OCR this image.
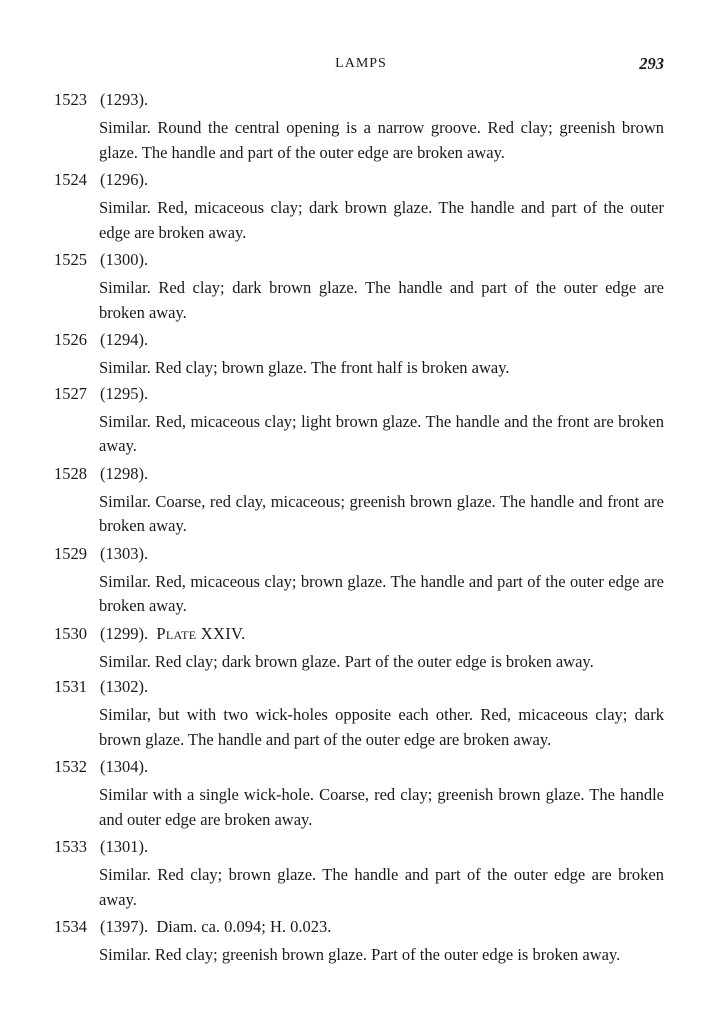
LAMPS	293
1523 (1293).
Similar. Round the central opening is a narrow groove. Red clay; greenish brown glaze. The handle and part of the outer edge are broken away.
1524 (1296).
Similar. Red, micaceous clay; dark brown glaze. The handle and part of the outer edge are broken away.
1525 (1300).
Similar. Red clay; dark brown glaze. The handle and part of the outer edge are broken away.
1526 (1294).
Similar. Red clay; brown glaze. The front half is broken away.
1527 (1295).
Similar. Red, micaceous clay; light brown glaze. The handle and the front are broken away.
1528 (1298).
Similar. Coarse, red clay, micaceous; greenish brown glaze. The handle and front are broken away.
1529 (1303).
Similar. Red, micaceous clay; brown glaze. The handle and part of the outer edge are broken away.
1530 (1299). Plate XXIV.
Similar. Red clay; dark brown glaze. Part of the outer edge is broken away.
1531 (1302).
Similar, but with two wick-holes opposite each other. Red, micaceous clay; dark brown glaze. The handle and part of the outer edge are broken away.
1532 (1304).
Similar with a single wick-hole. Coarse, red clay; greenish brown glaze. The handle and outer edge are broken away.
1533 (1301).
Similar. Red clay; brown glaze. The handle and part of the outer edge are broken away.
1534 (1397). Diam. ca. 0.094; H. 0.023.
Similar. Red clay; greenish brown glaze. Part of the outer edge is broken away.
